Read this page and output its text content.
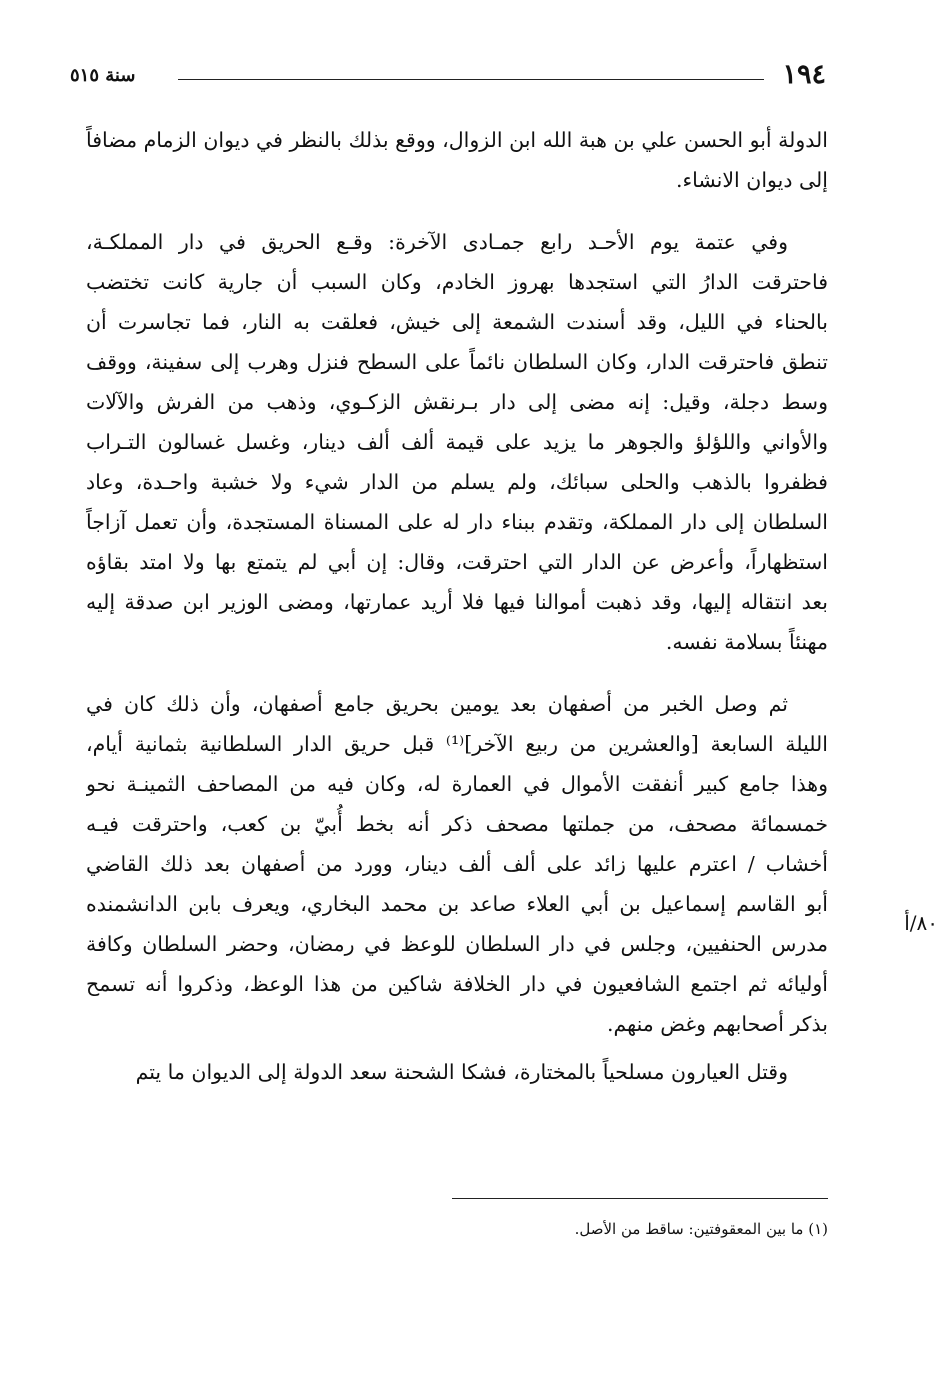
١٩٤
سنة ٥١٥
الدولة أبو الحسن علي بن هبة الله ابن الزوال، ووقع بذلك بالنظر في ديوان الزمام مضافاً
إلى ديوان الانشاء.
وفي عتمة يوم الأحـد رابع جمـادى الآخرة: وقـع الحريق في دار المملكـة،
فاحترقت الدارُ التي استجدها بهروز الخادم، وكان السبب أن جارية كانت تختضب
بالحناء في الليل، وقد أسندت الشمعة إلى خيش، فعلقت به النار، فما تجاسرت أن
تنطق فاحترقت الدار، وكان السلطان نائماً على السطح فنزل وهرب إلى سفينة، ووقف
وسط دجلة، وقيل: إنه مضى إلى دار بـرنقش الزكـوي، وذهب من الفرش والآلات
والأواني واللؤلؤ والجوهر ما يزيد على قيمة ألف ألف دينار، وغسل غسالون التـراب
فظفروا بالذهب والحلى سبائك، ولم يسلم من الدار شيء ولا خشبة واحـدة، وعاد
السلطان إلى دار المملكة، وتقدم ببناء دار له على المسناة المستجدة، وأن تعمل آزاجاً
استظهاراً، وأعرض عن الدار التي احترقت، وقال: إن أبي لم يتمتع بها ولا امتد بقاؤه
بعد انتقاله إليها، وقد ذهبت أموالنا فيها فلا أريد عمارتها، ومضى الوزير ابن صدقة إليه
مهنئاً بسلامة نفسه.
ثم وصل الخبر من أصفهان بعد يومين بحريق جامع أصفهان، وأن ذلك كان في
الليلة السابعة [والعشرين من ربيع الآخر]⁽¹⁾ قبل حريق الدار السلطانية بثمانية أيام،
وهذا جامع كبير أنفقت الأموال في العمارة له، وكان فيه من المصاحف الثمينـة نحو
خمسمائة مصحف، من جملتها مصحف ذكر أنه بخط أُبيّ بن كعب، واحترقت فيـه
أخشاب / اعترم عليها زائد على ألف ألف دينار، وورد من أصفهان بعد ذلك القاضي
أبو القاسم إسماعيل بن أبي العلاء صاعد بن محمد البخاري، ويعرف بابن الدانشمنده
مدرس الحنفيين، وجلس في دار السلطان للوعظ في رمضان، وحضر السلطان وكافة
أوليائه ثم اجتمع الشافعيون في دار الخلافة شاكين من هذا الوعظ، وذكروا أنه تسمح
بذكر أصحابهم وغض منهم.
وقتل العيارون مسلحياً بالمختارة، فشكا الشحنة سعد الدولة إلى الديوان ما يتم
٨٠/أ
(١) ما بين المعقوفتين: ساقط من الأصل.
